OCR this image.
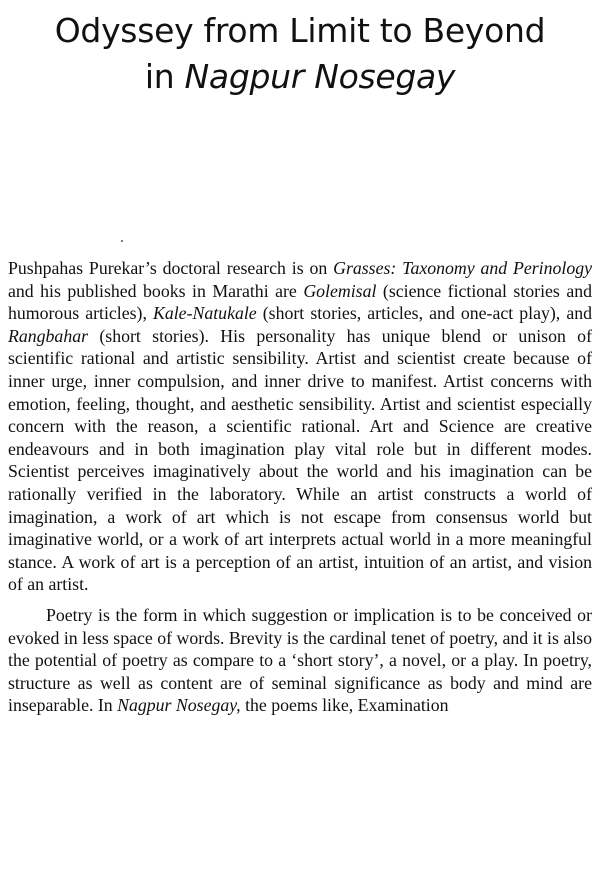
Odyssey from Limit to Beyond
in Nagpur Nosegay

Pushpahas Purekar’s doctoral research is on Grasses: Taxonomy and Perinology and his published books in Marathi are Golemisal (science fictional stories and humorous articles), Kale-Natukale (short stories, articles, and one-act play), and Rangbahar (short stories). His personality has unique blend or unison of scientific rational and artistic sensibility. Artist and scientist create because of inner urge, inner compulsion, and inner drive to manifest. Artist concerns with emotion, feeling, thought, and aesthetic sensibility. Artist and scientist especially concern with the reason, a scientific rational. Art and Science are creative endeavours and in both imagination play vital role but in different modes. Scientist perceives imaginatively about the world and his imagination can be rationally verified in the laboratory. While an artist constructs a world of imagination, a work of art which is not escape from consensus world but imaginative world, or a work of art interprets actual world in a more meaningful stance. A work of art is a perception of an artist, intuition of an artist, and vision of an artist.

Poetry is the form in which suggestion or implication is to be conceived or evoked in less space of words. Brevity is the cardinal tenet of poetry, and it is also the potential of poetry as compare to a ‘short story’, a novel, or a play. In poetry, structure as well as content are of seminal significance as body and mind are inseparable. In Nagpur Nosegay, the poems like, Examination
